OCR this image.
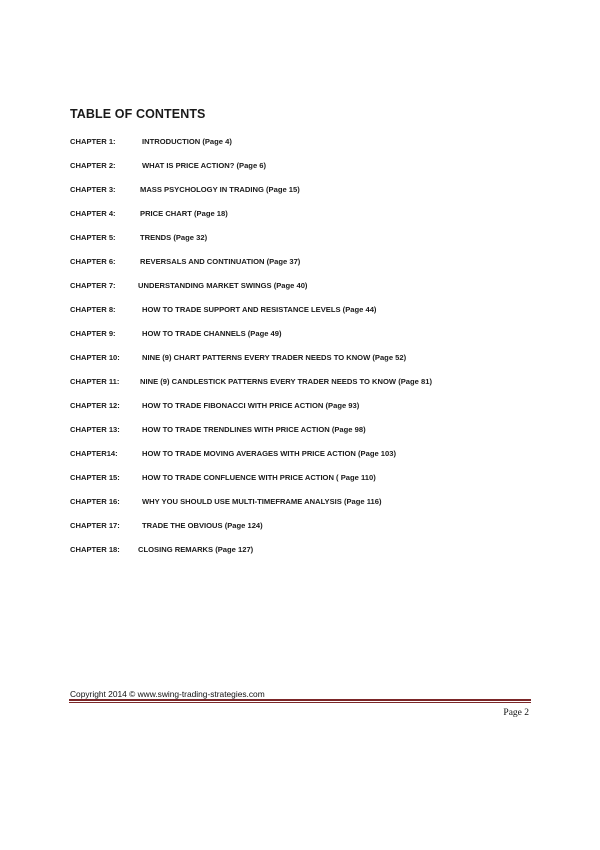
TABLE OF CONTENTS
CHAPTER 1:	INTRODUCTION (Page 4)
CHAPTER 2:	WHAT IS PRICE ACTION? (Page 6)
CHAPTER 3:	MASS PSYCHOLOGY IN TRADING (Page 15)
CHAPTER 4:	PRICE CHART (Page 18)
CHAPTER 5:	TRENDS (Page 32)
CHAPTER 6:	REVERSALS AND CONTINUATION (Page 37)
CHAPTER 7:	UNDERSTANDING MARKET SWINGS (Page 40)
CHAPTER 8:	HOW TO TRADE SUPPORT AND RESISTANCE LEVELS (Page 44)
CHAPTER 9:	HOW TO TRADE CHANNELS (Page 49)
CHAPTER 10:	NINE (9) CHART PATTERNS EVERY TRADER NEEDS TO KNOW (Page 52)
CHAPTER 11:	NINE (9) CANDLESTICK PATTERNS EVERY TRADER NEEDS TO KNOW (Page 81)
CHAPTER 12:	HOW TO TRADE FIBONACCI WITH PRICE ACTION (Page 93)
CHAPTER 13:	HOW TO TRADE TRENDLINES WITH PRICE ACTION (Page 98)
CHAPTER14:	HOW TO TRADE MOVING AVERAGES WITH PRICE ACTION (Page 103)
CHAPTER 15:	HOW TO TRADE CONFLUENCE WITH PRICE ACTION ( Page 110)
CHAPTER 16:	WHY YOU SHOULD USE MULTI-TIMEFRAME ANALYSIS (Page 116)
CHAPTER 17:	TRADE THE OBVIOUS (Page 124)
CHAPTER 18: CLOSING REMARKS (Page 127)
Copyright 2014 © www.swing-trading-strategies.com
Page 2
